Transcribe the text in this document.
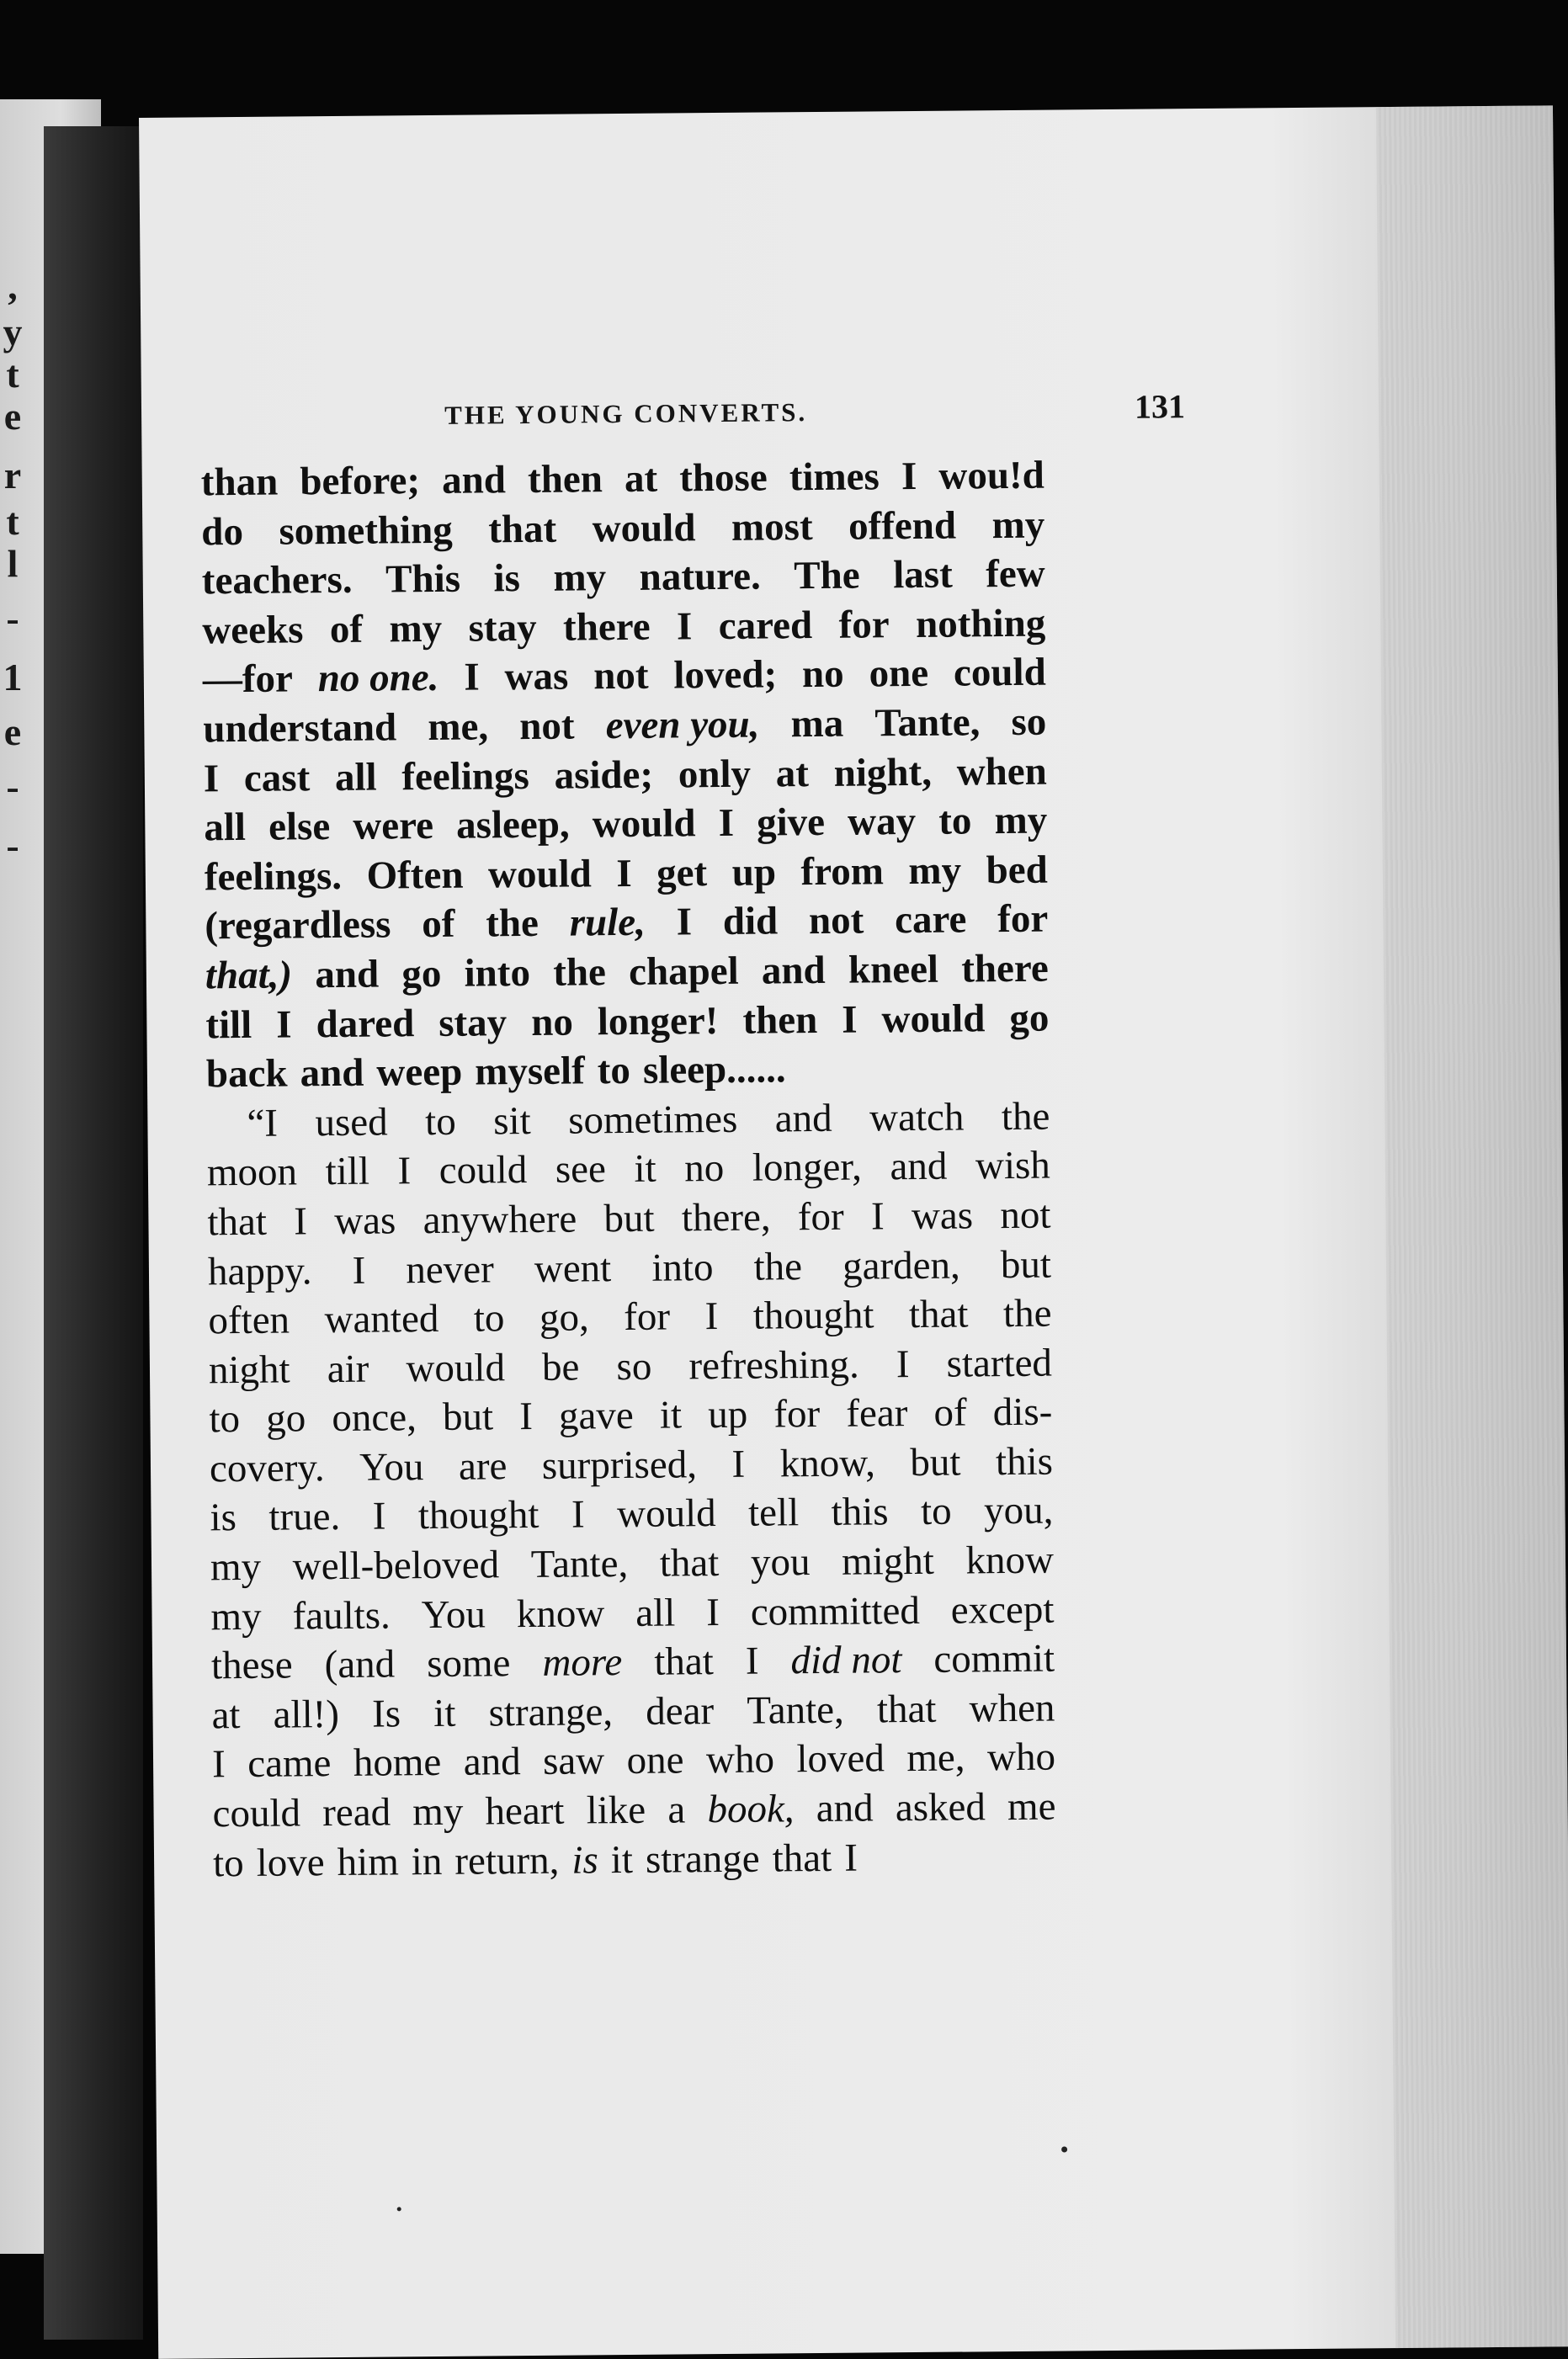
,
y
t
e
r
t
l
-
1
e
-
-
THE YOUNG CONVERTS.	131
than before; and then at those times I wou!d
do something that would most offend my
teachers. This is my nature. The last few
weeks of my stay there I cared for nothing
—for no one. I was not loved; no one could
understand me, not even you, ma Tante, so
I cast all feelings aside; only at night, when
all else were asleep, would I give way to my
feelings. Often would I get up from my bed
(regardless of the rule, I did not care for
that,) and go into the chapel and kneel there
till I dared stay no longer! then I would go
back and weep myself to sleep......
“I used to sit sometimes and watch the
moon till I could see it no longer, and wish
that I was anywhere but there, for I was not
happy. I never went into the garden, but
often wanted to go, for I thought that the
night air would be so refreshing. I started
to go once, but I gave it up for fear of dis-
covery. You are surprised, I know, but this
is true. I thought I would tell this to you,
my well-beloved Tante, that you might know
my faults. You know all I committed except
these (and some more that I did not commit
at all!) Is it strange, dear Tante, that when
I came home and saw one who loved me, who
could read my heart like a book, and asked me
to love him in return, is it strange that I
